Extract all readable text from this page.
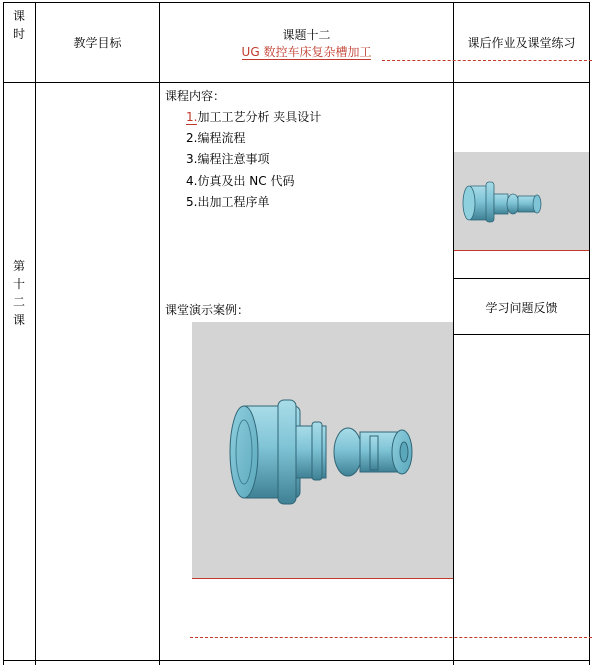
课时
教学目标
课题十二
UG 数控车床复杂槽加工
课后作业及课堂练习
第十二课
课程内容：
1.加工工艺分析 夹具设计
2.编程流程
3.编程注意事项
4.仿真及出 NC 代码
5.出加工程序单
课堂演示案例：	学习问题反馈
